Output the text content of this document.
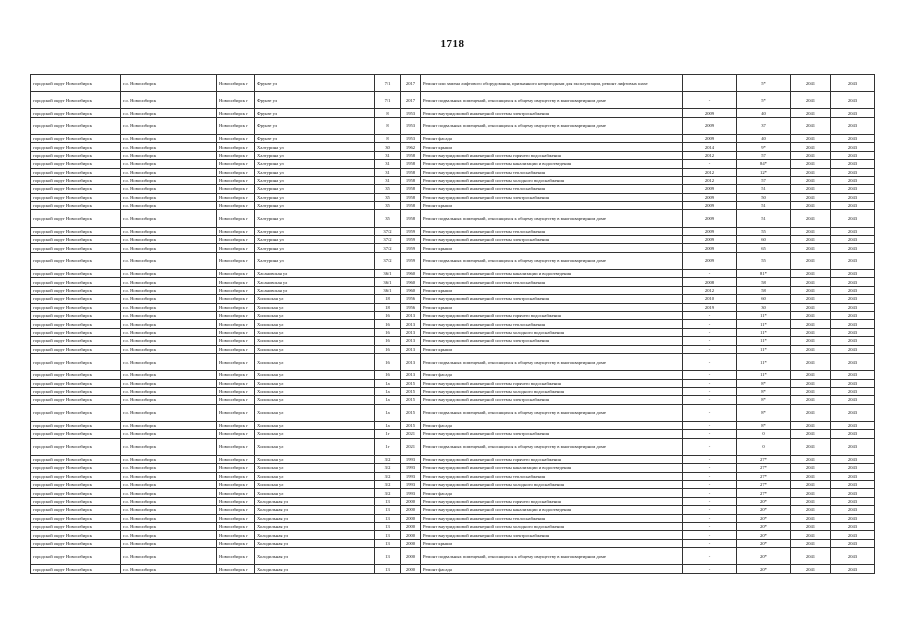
1718
городской округ Новосибирск	г.о. Новосибирск	Новосибирск г	Фрунзе ул	7/1	2017	Ремонт или замена лифтового оборудования, признанного непригодным для эксплуатации, ремонт лифтовых шахт		5*	2041	2043
городской округ Новосибирск	г.о. Новосибирск	Новосибирск г	Фрунзе ул	7/1	2017	Ремонт подвальных помещений, относящихся к общему имуществу в многоквартирном доме	-	5*	2041	2043
городской округ Новосибирск	г.о. Новосибирск	Новосибирск г	Фрунзе ул	8	1953	Ремонт внутридомовой инженерной системы электроснабжения	2009	40	2041	2043
городской округ Новосибирск	г.о. Новосибирск	Новосибирск г	Фрунзе ул	8	1953	Ремонт подвальных помещений, относящихся к общему имуществу в многоквартирном доме	2009	37	2041	2043
городской округ Новосибирск	г.о. Новосибирск	Новосибирск г	Фрунзе ул	8	1953	Ремонт фасада	2009	40	2041	2043
городской округ Новосибирск	г.о. Новосибирск	Новосибирск г	Халтурина ул	30	1962	Ремонт крыши	2014	9*	2041	2043
городской округ Новосибирск	г.о. Новосибирск	Новосибирск г	Халтурина ул	31	1958	Ремонт внутридомовой инженерной системы горячего водоснабжения	2012	57	2041	2043
городской округ Новосибирск	г.о. Новосибирск	Новосибирск г	Халтурина ул	31	1958	Ремонт внутридомовой инженерной системы канализации и водоотведения	-	84*	2041	2043
городской округ Новосибирск	г.о. Новосибирск	Новосибирск г	Халтурина ул	31	1958	Ремонт внутридомовой инженерной системы теплоснабжения	2012	12*	2041	2043
городской округ Новосибирск	г.о. Новосибирск	Новосибирск г	Халтурина ул	31	1958	Ремонт внутридомовой инженерной системы холодного водоснабжения	2012	57	2041	2043
городской округ Новосибирск	г.о. Новосибирск	Новосибирск г	Халтурина ул	35	1958	Ремонт внутридомовой инженерной системы теплоснабжения	2009	51	2041	2043
городской округ Новосибирск	г.о. Новосибирск	Новосибирск г	Халтурина ул	35	1958	Ремонт внутридомовой инженерной системы электроснабжения	2009	50	2041	2043
городской округ Новосибирск	г.о. Новосибирск	Новосибирск г	Халтурина ул	35	1958	Ремонт крыши	2009	51	2041	2043
городской округ Новосибирск	г.о. Новосибирск	Новосибирск г	Халтурина ул	35	1958	Ремонт подвальных помещений, относящихся к общему имуществу в многоквартирном доме	2009	51	2041	2043
городской округ Новосибирск	г.о. Новосибирск	Новосибирск г	Халтурина ул	37/2	1959	Ремонт внутридомовой инженерной системы теплоснабжения	2009	55	2041	2043
городской округ Новосибирск	г.о. Новосибирск	Новосибирск г	Халтурина ул	37/2	1959	Ремонт внутридомовой инженерной системы электроснабжения	2009	60	2041	2043
городской округ Новосибирск	г.о. Новосибирск	Новосибирск г	Халтурина ул	37/2	1959	Ремонт крыши	2009	65	2041	2043
городской округ Новосибирск	г.о. Новосибирск	Новосибирск г	Халтурина ул	37/2	1959	Ремонт подвальных помещений, относящихся к общему имуществу в многоквартирном доме	2009	55	2041	2043
городской округ Новосибирск	г.о. Новосибирск	Новосибирск г	Хасановская ул	36/1	1960	Ремонт внутридомовой инженерной системы канализации и водоотведения	-	81*	2041	2043
городской округ Новосибирск	г.о. Новосибирск	Новосибирск г	Хасановская ул	36/1	1960	Ремонт внутридомовой инженерной системы теплоснабжения	2008	58	2041	2043
городской округ Новосибирск	г.о. Новосибирск	Новосибирск г	Хасановская ул	36/1	1960	Ремонт крыши	2012	58	2041	2043
городской округ Новосибирск	г.о. Новосибирск	Новосибирск г	Хилокская ул	18	1956	Ремонт внутридомовой инженерной системы электроснабжения	2010	60	2041	2043
городской округ Новосибирск	г.о. Новосибирск	Новосибирск г	Хилокская ул	18	1956	Ремонт крыши	2019	30	2041	2043
городской округ Новосибирск	г.о. Новосибирск	Новосибирск г	Хилокская ул	16	2013	Ремонт внутридомовой инженерной системы горячего водоснабжения	-	11*	2041	2043
городской округ Новосибирск	г.о. Новосибирск	Новосибирск г	Хилокская ул	16	2013	Ремонт внутридомовой инженерной системы теплоснабжения	-	11*	2041	2043
городской округ Новосибирск	г.о. Новосибирск	Новосибирск г	Хилокская ул	16	2013	Ремонт внутридомовой инженерной системы холодного водоснабжения	-	11*	2041	2043
городской округ Новосибирск	г.о. Новосибирск	Новосибирск г	Хилокская ул	16	2013	Ремонт внутридомовой инженерной системы электроснабжения	-	11*	2041	2043
городской округ Новосибирск	г.о. Новосибирск	Новосибирск г	Хилокская ул	16	2013	Ремонт крыши	-	11*	2041	2043
городской округ Новосибирск	г.о. Новосибирск	Новосибирск г	Хилокская ул	16	2013	Ремонт подвальных помещений, относящихся к общему имуществу в многоквартирном доме	-	11*	2041	2043
городской округ Новосибирск	г.о. Новосибирск	Новосибирск г	Хилокская ул	16	2013	Ремонт фасада	-	11*	2041	2043
городской округ Новосибирск	г.о. Новосибирск	Новосибирск г	Хилокская ул	1а	2015	Ремонт внутридомовой инженерной системы горячего водоснабжения	-	8*	2041	2043
городской округ Новосибирск	г.о. Новосибирск	Новосибирск г	Хилокская ул	1а	2015	Ремонт внутридомовой инженерной системы холодного водоснабжения	-	8*	2041	2043
городской округ Новосибирск	г.о. Новосибирск	Новосибирск г	Хилокская ул	1а	2015	Ремонт внутридомовой инженерной системы электроснабжения	-	8*	2041	2043
городской округ Новосибирск	г.о. Новосибирск	Новосибирск г	Хилокская ул	1а	2015	Ремонт подвальных помещений, относящихся к общему имуществу в многоквартирном доме	-	8*	2041	2043
городской округ Новосибирск	г.о. Новосибирск	Новосибирск г	Хилокская ул	1а	2015	Ремонт фасада	-	8*	2041	2043
городской округ Новосибирск	г.о. Новосибирск	Новосибирск г	Хилокская ул	1г	2021	Ремонт внутридомовой инженерной системы электроснабжения	-	0	2041	2043
городской округ Новосибирск	г.о. Новосибирск	Новосибирск г	Хилокская ул	1г	2021	Ремонт подвальных помещений, относящихся к общему имуществу в многоквартирном доме	-	0	2041	2043
городской округ Новосибирск	г.о. Новосибирск	Новосибирск г	Хилокская ул	3/2	1993	Ремонт внутридомовой инженерной системы горячего водоснабжения	-	27*	2041	2043
городской округ Новосибирск	г.о. Новосибирск	Новосибирск г	Хилокская ул	3/2	1993	Ремонт внутридомовой инженерной системы канализации и водоотведения	-	27*	2041	2043
городской округ Новосибирск	г.о. Новосибирск	Новосибирск г	Хилокская ул	3/2	1993	Ремонт внутридомовой инженерной системы теплоснабжения	-	27*	2041	2043
городской округ Новосибирск	г.о. Новосибирск	Новосибирск г	Хилокская ул	3/2	1993	Ремонт внутридомовой инженерной системы холодного водоснабжения	-	27*	2041	2043
городской округ Новосибирск	г.о. Новосибирск	Новосибирск г	Хилокская ул	3/2	1993	Ремонт фасада	-	27*	2041	2043
городской округ Новосибирск	г.о. Новосибирск	Новосибирск г	Холодильная ул	13	2000	Ремонт внутридомовой инженерной системы горячего водоснабжения	-	20*	2041	2043
городской округ Новосибирск	г.о. Новосибирск	Новосибирск г	Холодильная ул	13	2000	Ремонт внутридомовой инженерной системы канализации и водоотведения	-	20*	2041	2043
городской округ Новосибирск	г.о. Новосибирск	Новосибирск г	Холодильная ул	13	2000	Ремонт внутридомовой инженерной системы теплоснабжения	-	20*	2041	2043
городской округ Новосибирск	г.о. Новосибирск	Новосибирск г	Холодильная ул	13	2000	Ремонт внутридомовой инженерной системы холодного водоснабжения	-	20*	2041	2043
городской округ Новосибирск	г.о. Новосибирск	Новосибирск г	Холодильная ул	13	2000	Ремонт внутридомовой инженерной системы электроснабжения	-	20*	2041	2043
городской округ Новосибирск	г.о. Новосибирск	Новосибирск г	Холодильная ул	13	2000	Ремонт крыши	-	20*	2041	2043
городской округ Новосибирск	г.о. Новосибирск	Новосибирск г	Холодильная ул	13	2000	Ремонт подвальных помещений, относящихся к общему имуществу в многоквартирном доме	-	20*	2041	2043
городской округ Новосибирск	г.о. Новосибирск	Новосибирск г	Холодильная ул	13	2000	Ремонт фасада	-	20*	2041	2043
